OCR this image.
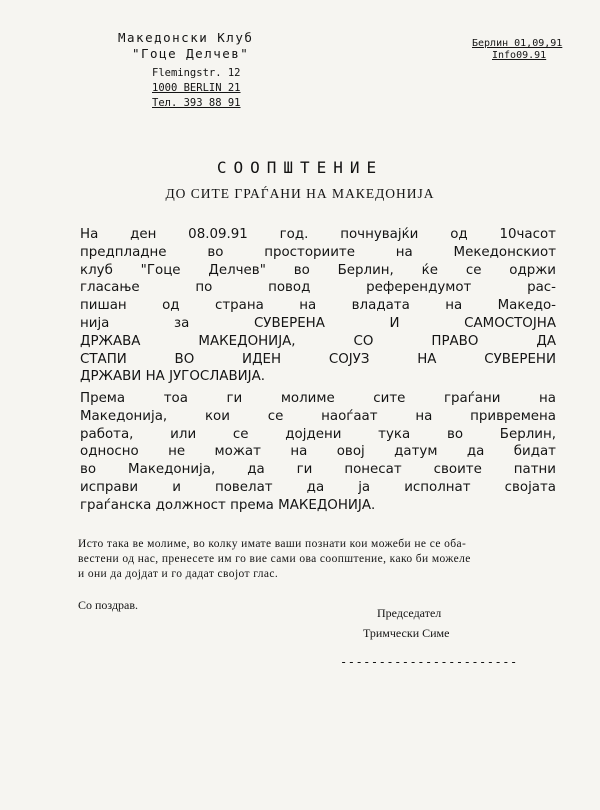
Македонски Клуб
"Гоце Делчев"
Flemingstr. 12
1000 BERLIN 21
Тел. 393 88 91
Берлин 01,09,91
Info09.91
СООПШТЕНИЕ
ДО СИТЕ ГРАЃАНИ НА МАКЕДОНИЈА
На ден 08.09.91 год. почнувајќи од 10часот
предпладне во просториите на Мекедонскиот
клуб "Гоце Делчев" во Берлин, ќе се одржи
гласање по повод референдумот рас-
пишан од страна на владата на Македо-
нија за СУВЕРЕНА И САМОСТОЈНА
ДРЖАВА МАКЕДОНИЈА, СО ПРАВО ДА
СТАПИ ВО ИДЕН СОЈУЗ НА СУВЕРЕНИ
ДРЖАВИ НА ЈУГОСЛАВИЈА.
Према тоа ги молиме сите граѓани на
Македонија, кои се наоѓаат на привремена
работа, или се дојдени тука во Берлин,
односно не можат на овој датум да бидат
во Македонија, да ги понесат своите патни
исправи и повелат да ја исполнат својата
граѓанска должност према МАКЕДОНИЈА.
Исто така ве молиме, во колку имате ваши познати кои можеби не се оба-
вестени од нас, пренесете им го вие сами ова соопштение, како би можеле
и они да дојдат и го дадат својот глас.
Со поздрав.
Председател
Тримчески Симе
-----------------------
